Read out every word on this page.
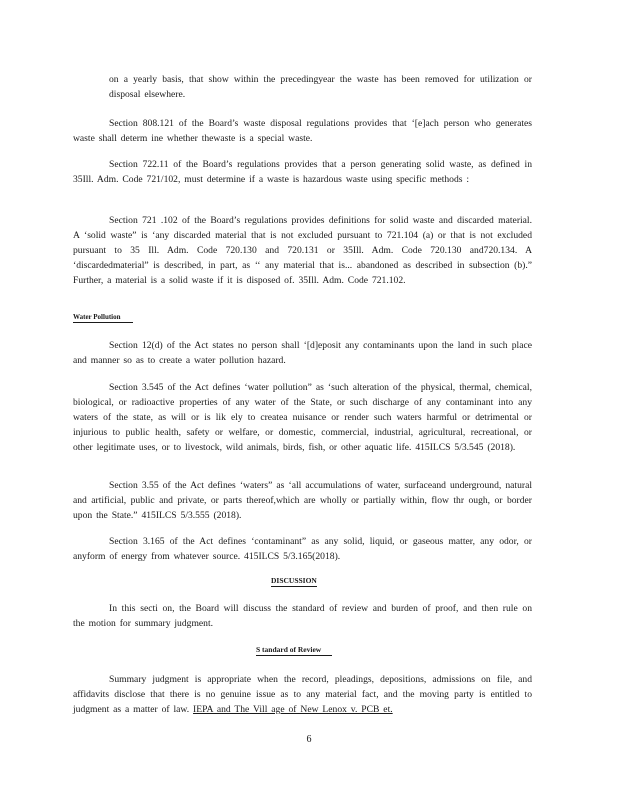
on a yearly basis, that show within the precedingyear the waste has been removed for utilization or disposal elsewhere.
Section 808.121 of the Board’s waste disposal regulations provides that ‘[e]ach person who generates waste shall determ ine whether thewaste is a special waste.
Section 722.11 of the Board’s regulations provides that a person generating solid waste, as defined in 35Ill. Adm. Code 721/102, must determine if a waste is hazardous waste using specific methods :
Section 721 .102 of the Board’s regulations provides definitions for solid waste and discarded material. A ‘solid waste” is ‘any discarded material that is not excluded pursuant to 721.104 (a) or that is not excluded pursuant to 35 Ill. Adm. Code 720.130 and 720.131 or 35Ill. Adm. Code 720.130 and720.134. A ‘discardedmaterial” is described, in part, as ‘‘ any material that is... abandoned as described in subsection (b).” Further, a material is a solid waste if it is disposed of. 35Ill. Adm. Code 721.102.
Water Pollution
Section 12(d) of the Act states no person shall ‘[d]eposit any contaminants upon the land in such place and manner so as to create a water pollution hazard.
Section 3.545 of the Act defines ‘water pollution” as ‘such alteration of the physical, thermal, chemical, biological, or radioactive properties of any water of the State, or such discharge of any contaminant into any waters of the state, as will or is lik ely to createa nuisance or render such waters harmful or detrimental or injurious to public health, safety or welfare, or domestic, commercial, industrial, agricultural, recreational, or other legitimate uses, or to livestock, wild animals, birds, fish, or other aquatic life. 415ILCS 5/3.545 (2018).
Section 3.55 of the Act defines ‘waters” as ‘all accumulations of water, surfaceand underground, natural and artificial, public and private, or parts thereof,which are wholly or partially within, flow thr ough, or border upon the State.” 415ILCS 5/3.555 (2018).
Section 3.165 of the Act defines ‘contaminant” as any solid, liquid, or gaseous matter, any odor, or anyform of energy from whatever source. 415ILCS 5/3.165(2018).
DISCUSSION
In this secti on, the Board will discuss the standard of review and burden of proof, and then rule on the motion for summary judgment.
S tandard of Review
Summary judgment is appropriate when the record, pleadings, depositions, admissions on file, and affidavits disclose that there is no genuine issue as to any material fact, and the moving party is entitled to judgment as a matter of law. IEPA and The Vill age of New Lenox v. PCB et.
6
